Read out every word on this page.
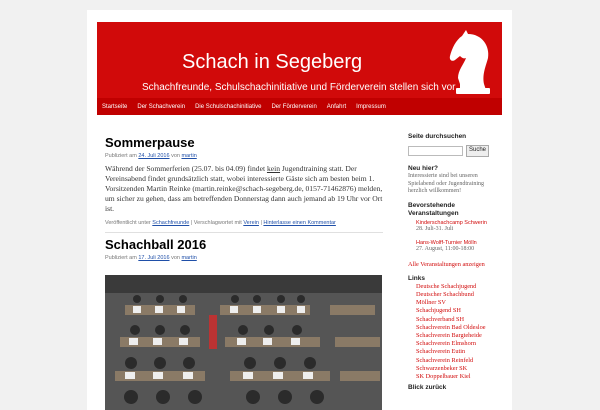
Schach in Segeberg
Schachfreunde, Schulschachinitiative und Förderverein stellen sich vor
Startseite	Der Schachverein	Die Schulschachinitiative	Der Förderverein	Anfahrt	Impressum
Sommerpause
Publiziert am 24. Juli 2016 von martin
Während der Sommerferien (25.07. bis 04.09) findet kein Jugendtraining statt. Der Vereinsabend findet grundsätzlich statt, wobei interessierte Gäste sich am besten beim 1. Vorsitzenden Martin Reinke (martin.reinke@schach-segeberg.de, 0157-71462876) melden, um sicher zu gehen, dass am betreffenden Donnerstag dann auch jemand ab 19 Uhr vor Ort ist.
Veröffentlicht unter Schachfreunde | Verschlagwortet mit Verein | Hinterlasse einen Kommentar
Schachball 2016
Publiziert am 17. Juli 2016 von martin
Seite durchsuchen
Suche
Neu hier?
Interessierte sind bei unseren Spielabend oder Jugendtraining herzlich willkommen!
Bevorstehende Veranstaltungen
Kinderschachcamp Schwerin
28. Juli-31. Juli
Hans-Wolff-Turnier Mölln
27. August, 11:00-18:00
Alle Veranstaltungen anzeigen
Links
Deutsche Schachjugend
Deutscher Schachbund
Möllner SV
Schachjugend SH
Schachverband SH
Schachverein Bad Oldesloe
Schachverein Bargteheide
Schachverein Elmshorn
Schachverein Eutin
Schachverein Reinfeld
Schwarzenbeker SK
SK Doppelbauer Kiel
Blick zurück
